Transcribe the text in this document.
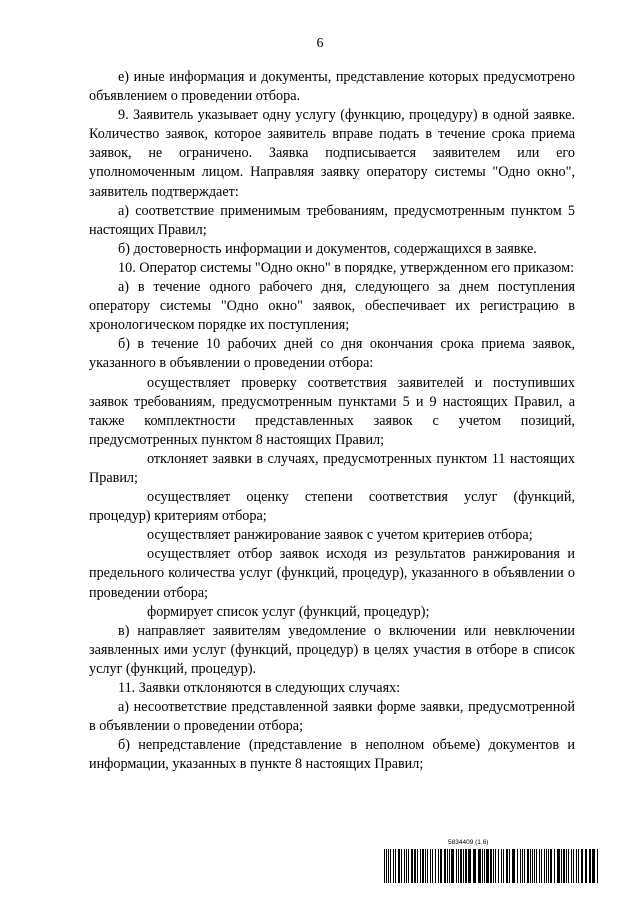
6

е) иные информация и документы, представление которых предусмотрено объявлением о проведении отбора.

9. Заявитель указывает одну услугу (функцию, процедуру) в одной заявке. Количество заявок, которое заявитель вправе подать в течение срока приема заявок, не ограничено. Заявка подписывается заявителем или его уполномоченным лицом. Направляя заявку оператору системы "Одно окно", заявитель подтверждает:

а) соответствие применимым требованиям, предусмотренным пунктом 5 настоящих Правил;

б) достоверность информации и документов, содержащихся в заявке.

10. Оператор системы "Одно окно" в порядке, утвержденном его приказом:

а) в течение одного рабочего дня, следующего за днем поступления оператору системы "Одно окно" заявок, обеспечивает их регистрацию в хронологическом порядке их поступления;

б) в течение 10 рабочих дней со дня окончания срока приема заявок, указанного в объявлении о проведении отбора:

осуществляет проверку соответствия заявителей и поступивших заявок требованиям, предусмотренным пунктами 5 и 9 настоящих Правил, а также комплектности представленных заявок с учетом позиций, предусмотренных пунктом 8 настоящих Правил;

отклоняет заявки в случаях, предусмотренных пунктом 11 настоящих Правил;

осуществляет оценку степени соответствия услуг (функций, процедур) критериям отбора;

осуществляет ранжирование заявок с учетом критериев отбора;

осуществляет отбор заявок исходя из результатов ранжирования и предельного количества услуг (функций, процедур), указанного в объявлении о проведении отбора;

формирует список услуг (функций, процедур);

в) направляет заявителям уведомление о включении или невключении заявленных ими услуг (функций, процедур) в целях участия в отборе в список услуг (функций, процедур).

11. Заявки отклоняются в следующих случаях:

а) несоответствие представленной заявки форме заявки, предусмотренной в объявлении о проведении отбора;

б) непредставление (представление в неполном объеме) документов и информации, указанных в пункте 8 настоящих Правил;

5834409 (1.6)
